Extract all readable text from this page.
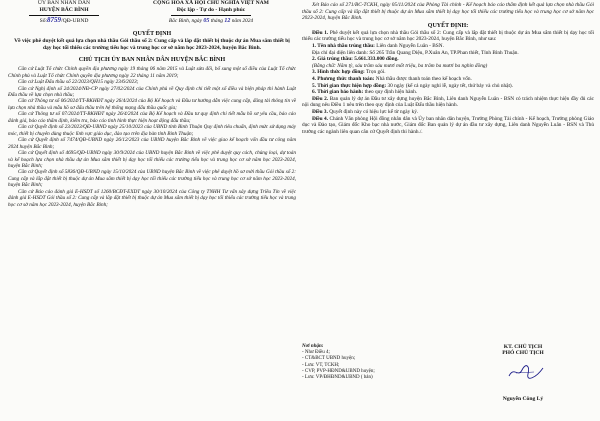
ỦY BAN NHÂN DÂN
HUYỆN BẮC BÌNH
Số:8759/QĐ-UBND
CỘNG HÒA XÃ HỘI CHỦ NGHĨA VIỆT NAM
Độc lập - Tự do - Hạnh phúc
Bắc Bình, ngày 05 tháng 12 năm 2024
QUYẾT ĐỊNH
Về việc phê duyệt kết quả lựa chọn nhà thầu Gói thầu số 2: Cung cấp và lắp đặt thiết bị thuộc dự án Mua sắm thiết bị dạy học tối thiểu các trường tiểu học và trung học cơ sở năm học 2023-2024, huyện Bắc Bình.
CHỦ TỊCH ỦY BAN NHÂN DÂN HUYỆN BẮC BÌNH

Căn cứ Luật Tổ chức Chính quyền địa phương ngày 19 tháng 06 năm 2015 và Luật sửa đổi, bổ sung một số điều của Luật Tổ chức Chính phủ và Luật Tổ chức Chính quyền địa phương ngày 22 tháng 11 năm 2019;

Căn cứ Luật Đấu thầu số 22/2023/QH15 ngày 23/6/2023;

Căn cứ Nghị định số 24/2024/NĐ-CP ngày 27/02/2024 của Chính phủ về Quy định chi tiết một số điều và biện pháp thi hành Luật Đấu thầu về lựa chọn nhà thầu;

Căn cứ Thông tư số 06/2024/TT-BKHĐT ngày 26/4/2024 của Bộ Kế hoạch và Đầu tư hướng dẫn việc cung cấp, đăng tải thông tin về lựa chọn nhà thầu và mẫu hồ sơ đấu thầu trên hệ thống mạng đấu thầu quốc gia;

Căn cứ Thông tư số 07/2024/TT-BKHĐT ngày 26/4/2024 của Bộ Kế hoạch và Đầu tư quy định chi tiết mẫu hồ sơ yêu cầu, báo cáo đánh giá, báo cáo thẩm định, kiểm tra, báo cáo tình hình thực hiện hoạt động đấu thầu;

Căn cứ Quyết định số 23/2023/QĐ-UBND ngày 25/10/2023 của UBND tỉnh Bình Thuận Quy định tiêu chuẩn, định mức sử dụng máy móc, thiết bị chuyên dùng thuộc lĩnh vực giáo dục, đào tạo trên địa bàn tỉnh Bình Thuận;

Căn cứ Quyết định số 7474/QĐ-UBND ngày 26/12/2023 của UBND huyện Bắc Bình về việc giao kế hoạch vốn đầu tư công năm 2024 huyện Bắc Bình;

Căn cứ Quyết định số 4695/QĐ-UBND ngày 30/9/2024 của UBND huyện Bắc Bình về việc phê duyệt quy cách, chủng loại, dự toán và kế hoạch lựa chọn nhà thầu dự án Mua sắm thiết bị dạy học tối thiểu các trường tiểu học và trung học cơ sở năm học 2023-2024, huyện Bắc Bình;

Căn cứ Quyết định số 5836/QĐ-UBND ngày 15/10/2024 của UBND huyện Bắc Bình về việc phê duyệt hồ sơ mời thầu Gói thầu số 2: Cung cấp và lắp đặt thiết bị thuộc dự án Mua sắm thiết bị dạy học tối thiểu các trường tiểu học và trung học cơ sở năm học 2023-2024, huyện Bắc Bình;

Căn cứ Báo cáo đánh giá E-HSDT số 1260/BCĐT-EXDT ngày 30/10/2024 của Công ty TNHH Tư vấn xây dựng Triều Tín về việc đánh giá E-HSDT Gói thầu số 2: Cung cấp và lắp đặt thiết bị thuộc dự án Mua sắm thiết bị dạy học tối thiểu các trường tiểu học và trung học cơ sở năm học 2023-2024, huyện Bắc Bình;

Xét Báo cáo số 271/BC-TCKH, ngày 05/11/2024 của Phòng Tài chính - Kế hoạch báo cáo thẩm định kết quả lựa chọn nhà thầu Gói thầu số 2: Cung cấp và lắp đặt thiết bị thuộc dự án Mua sắm thiết bị dạy học tối thiểu các trường tiểu học và trung học cơ sở năm học 2023-2024, huyện Bắc Bình.

QUYẾT ĐỊNH:

Điều 1. Phê duyệt kết quả lựa chọn nhà thầu Gói thầu số 2: Cung cấp và lắp đặt thiết bị thuộc dự án Mua sắm thiết bị dạy học tối thiểu các trường tiểu học và trung học cơ sở năm học 2023-2024, huyện Bắc Bình, như sau:

1. Tên nhà thầu trúng thầu: Liên danh Nguyễn Luân - BSN.

Địa chỉ đại diện liên danh: Số 265 Trần Quang Diệu, P.Xuân An, TP.Phan thiết, Tỉnh Bình Thuận.

2. Giá trúng thầu: 5.661.333.000 đồng.

(Bằng chữ: Năm tỷ, sáu trăm sáu mươi mốt triệu, ba trăm ba mươi ba nghìn đồng)

3. Hình thức hợp đồng: Trọn gói.

4. Phương thức thanh toán: Nhà thầu được thanh toán theo kế hoạch vốn.

5. Thời gian thực hiện hợp đồng: 30 ngày (kể cả ngày nghỉ lễ, ngày tết, thứ bảy và chủ nhật).

6. Thời gian bảo hành: theo quy định hiện hành.

Điều 2. Ban quản lý dự án Đầu tư xây dựng huyện Bắc Bình, Liên danh Nguyễn Luân - BSN có trách nhiệm thực hiện đầy đủ các nội dung nêu Điều 1 nêu trên theo quy định của Luật Đấu thầu hiện hành.

Điều 3. Quyết định này có hiệu lực kể từ ngày ký.

Điều 4. Chánh Văn phòng Hội đồng nhân dân và Ủy ban nhân dân huyện, Trưởng Phòng Tài chính - Kế hoạch, Trưởng phòng Giáo dục và Đào tạo, Giám đốc Kho bạc nhà nước, Giám đốc Ban quản lý dự án đầu tư xây dựng, Liên danh Nguyễn Luân - BSN và Thủ trưởng các ngành liên quan căn cứ Quyết định thi hành./.

Nơi nhận:
- Như Điều 4;
- CT&BCT UBND huyện;
- Lưu: VT, TCKH;
- CVP, PVP-HĐND&UBND huyện;
- Lưu: VP/ĐHĐND&UBND ( bản)
KT. CHỦ TỊCH
PHÓ CHỦ TỊCH
Nguyễn Công Lý
